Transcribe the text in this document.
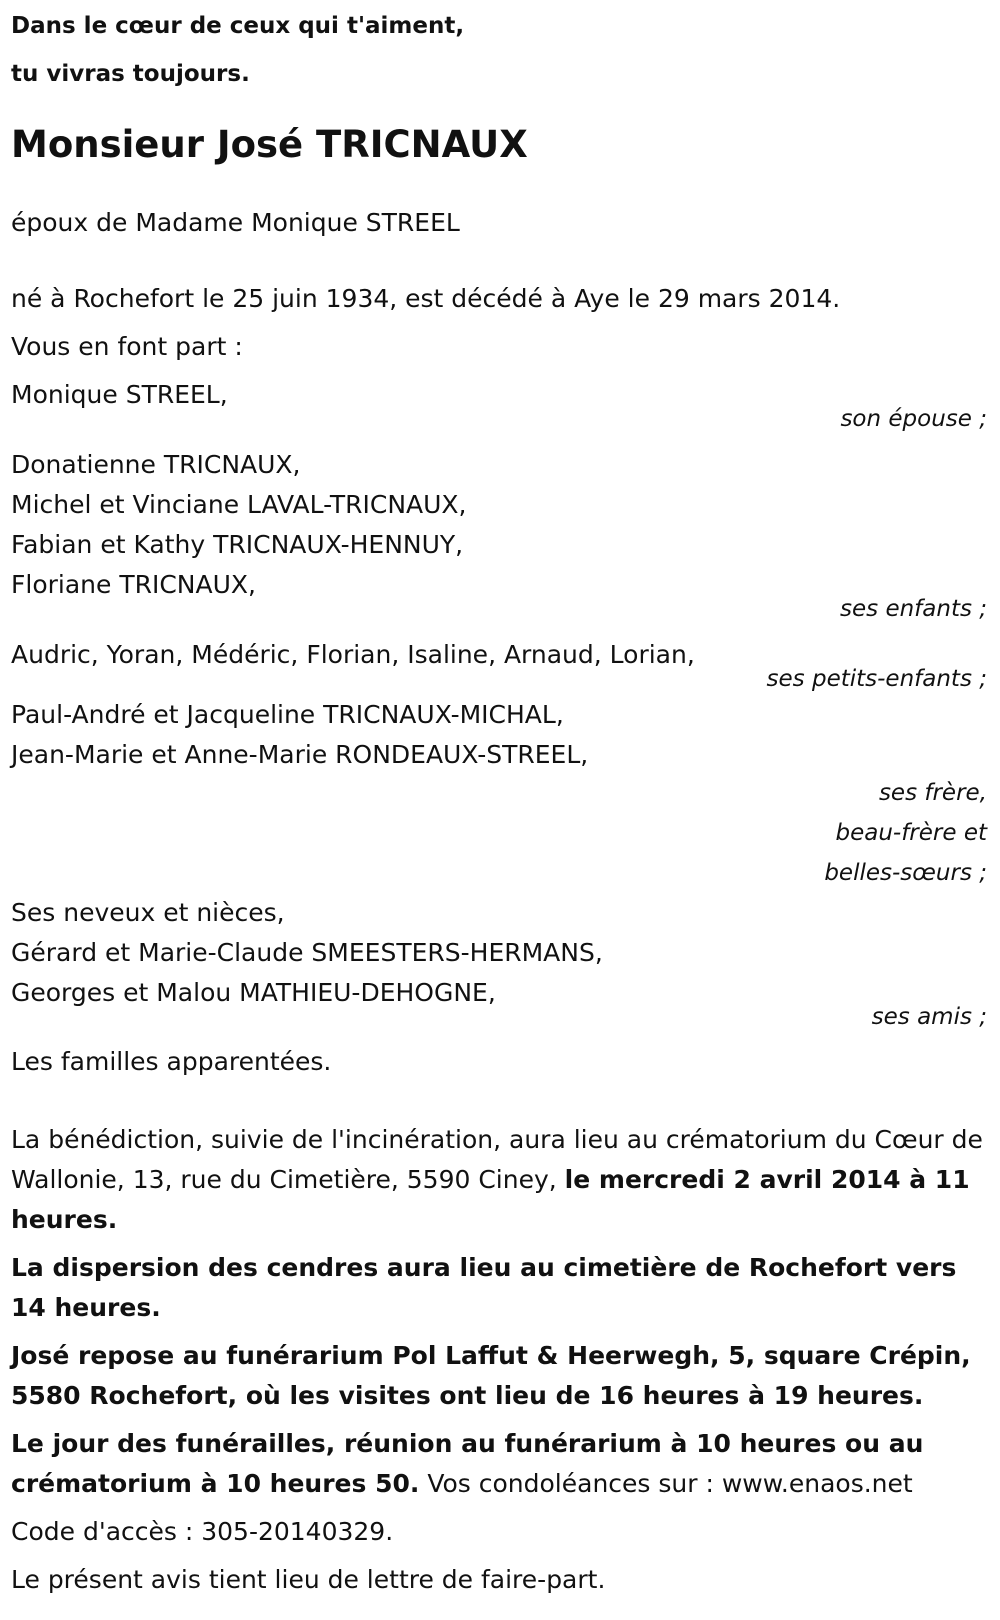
Dans le cœur de ceux qui t'aiment,
tu vivras toujours.
Monsieur José TRICNAUX
époux de Madame Monique STREEL
né à Rochefort le 25 juin 1934, est décédé à Aye le 29 mars 2014.
Vous en font part :
Monique STREEL,
son épouse ;
Donatienne TRICNAUX,
Michel et Vinciane LAVAL-TRICNAUX,
Fabian et Kathy TRICNAUX-HENNUY,
Floriane TRICNAUX,
ses enfants ;
Audric, Yoran, Médéric, Florian, Isaline, Arnaud, Lorian,
ses petits-enfants ;
Paul-André et Jacqueline TRICNAUX-MICHAL,
Jean-Marie et Anne-Marie RONDEAUX-STREEL,
ses frère,
beau-frère et
belles-sœurs ;
Ses neveux et nièces,
Gérard et Marie-Claude SMEESTERS-HERMANS,
Georges et Malou MATHIEU-DEHOGNE,
ses amis ;
Les familles apparentées.
La bénédiction, suivie de l'incinération, aura lieu au crématorium du Cœur de Wallonie, 13, rue du Cimetière, 5590 Ciney, le mercredi 2 avril 2014 à 11 heures.
La dispersion des cendres aura lieu au cimetière de Rochefort vers 14 heures.
José repose au funérarium Pol Laffut & Heerwegh, 5, square Crépin, 5580 Rochefort, où les visites ont lieu de 16 heures à 19 heures.
Le jour des funérailles, réunion au funérarium à 10 heures ou au crématorium à 10 heures 50. Vos condoléances sur : www.enaos.net
Code d'accès : 305-20140329.
Le présent avis tient lieu de lettre de faire-part.
